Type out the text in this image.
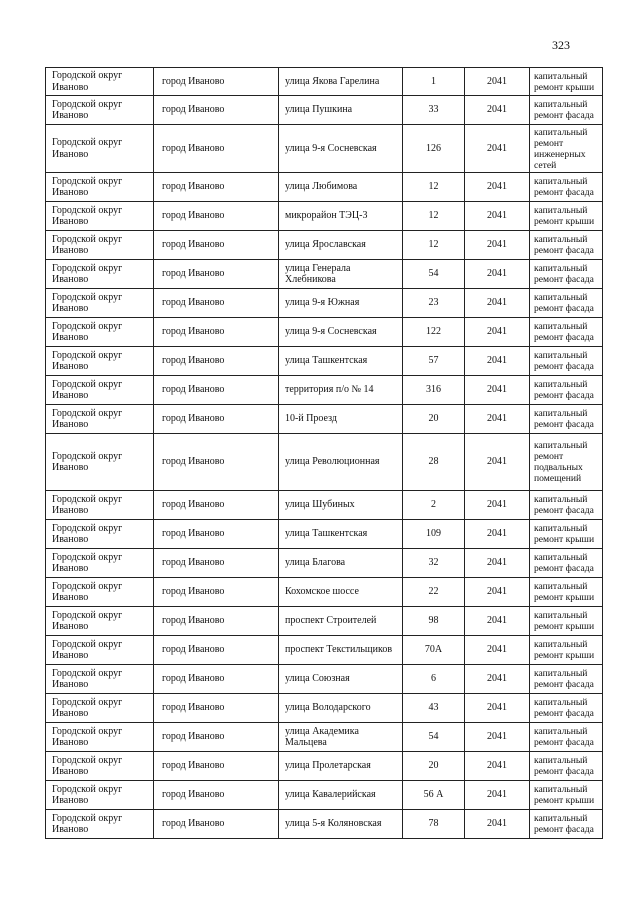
323
Городской округ Иваново	город Иваново	улица Якова Гарелина	1	2041	капитальный ремонт крыши
Городской округ Иваново	город Иваново	улица Пушкина	33	2041	капитальный ремонт фасада
Городской округ Иваново	город Иваново	улица 9-я Сосневская	126	2041	капитальный ремонт инженерных сетей
Городской округ Иваново	город Иваново	улица Любимова	12	2041	капитальный ремонт фасада
Городской округ Иваново	город Иваново	микрорайон ТЭЦ-3	12	2041	капитальный ремонт крыши
Городской округ Иваново	город Иваново	улица Ярославская	12	2041	капитальный ремонт фасада
Городской округ Иваново	город Иваново	улица Генерала Хлебникова	54	2041	капитальный ремонт фасада
Городской округ Иваново	город Иваново	улица 9-я Южная	23	2041	капитальный ремонт фасада
Городской округ Иваново	город Иваново	улица 9-я Сосневская	122	2041	капитальный ремонт фасада
Городской округ Иваново	город Иваново	улица Ташкентская	57	2041	капитальный ремонт фасада
Городской округ Иваново	город Иваново	территория п/о № 14	316	2041	капитальный ремонт фасада
Городской округ Иваново	город Иваново	10-й Проезд	20	2041	капитальный ремонт фасада
Городской округ Иваново	город Иваново	улица Революционная	28	2041	капитальный ремонт подвальных помещений
Городской округ Иваново	город Иваново	улица Шубиных	2	2041	капитальный ремонт фасада
Городской округ Иваново	город Иваново	улица Ташкентская	109	2041	капитальный ремонт крыши
Городской округ Иваново	город Иваново	улица Благова	32	2041	капитальный ремонт фасада
Городской округ Иваново	город Иваново	Кохомское шоссе	22	2041	капитальный ремонт крыши
Городской округ Иваново	город Иваново	проспект Строителей	98	2041	капитальный ремонт крыши
Городской округ Иваново	город Иваново	проспект Текстильщиков	70А	2041	капитальный ремонт крыши
Городской округ Иваново	город Иваново	улица Союзная	6	2041	капитальный ремонт фасада
Городской округ Иваново	город Иваново	улица Володарского	43	2041	капитальный ремонт фасада
Городской округ Иваново	город Иваново	улица Академика Мальцева	54	2041	капитальный ремонт фасада
Городской округ Иваново	город Иваново	улица Пролетарская	20	2041	капитальный ремонт фасада
Городской округ Иваново	город Иваново	улица Кавалерийская	56 А	2041	капитальный ремонт крыши
Городской округ Иваново	город Иваново	улица 5-я Коляновская	78	2041	капитальный ремонт фасада
